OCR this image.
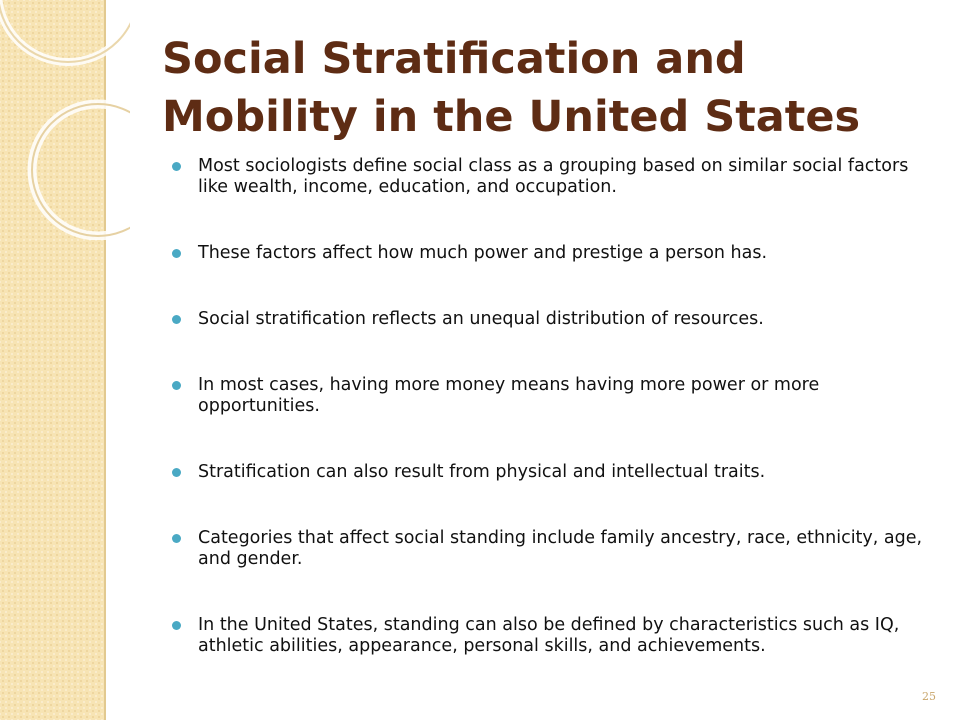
Social Stratification and Mobility in the United States
Most sociologists define social class as a grouping based on similar social factors like wealth, income, education, and occupation.
These factors affect how much power and prestige a person has.
Social stratification reflects an unequal distribution of resources.
In most cases, having more money means having more power or more opportunities.
Stratification can also result from physical and intellectual traits.
Categories that affect social standing include family ancestry, race, ethnicity, age, and gender.
In the United States, standing can also be defined by characteristics such as IQ, athletic abilities, appearance, personal skills, and achievements.
25
